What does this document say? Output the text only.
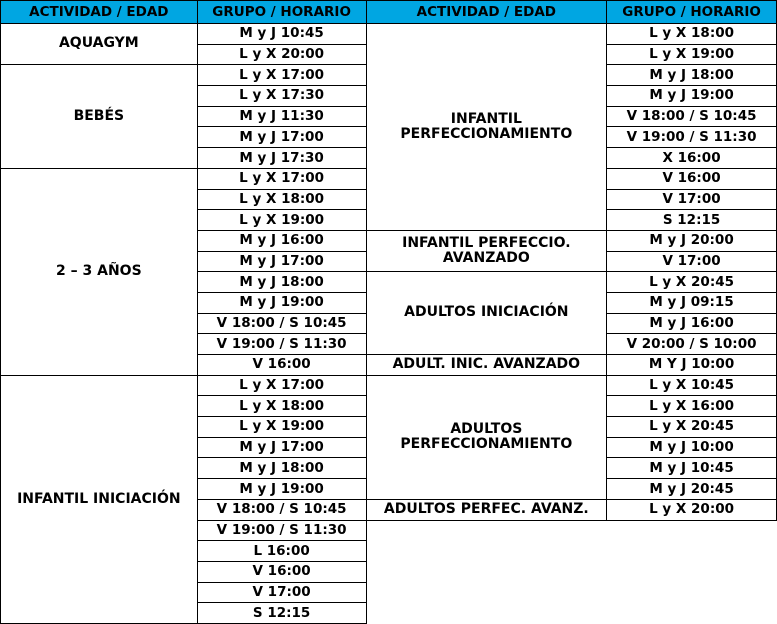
ACTIVIDAD / EDAD	GRUPO / HORARIO	ACTIVIDAD / EDAD	GRUPO / HORARIO
AQUAGYM	M y J 10:45	INFANTIL PERFECCIONAMIENTO	L y X 18:00
	L y X 20:00		L y X 19:00
BEBÉS	L y X 17:00		M y J 18:00
	L y X 17:30		M y J 19:00
	M y J 11:30		V 18:00 / S 10:45
	M y J 17:00		V 19:00 / S 11:30
	M y J 17:30		X 16:00
2 – 3 AÑOS	L y X 17:00		V 16:00
	L y X 18:00		V 17:00
	L y X 19:00		S 12:15
	M y J 16:00	INFANTIL PERFECCIO. AVANZADO	M y J 20:00
	M y J 17:00		V 17:00
	M y J 18:00	ADULTOS INICIACIÓN	L y X 20:45
	M y J 19:00		M y J 09:15
	V 18:00 / S 10:45		M y J 16:00
	V 19:00 / S 11:30		V 20:00 / S 10:00
	V 16:00	ADULT. INIC. AVANZADO	M Y J 10:00
INFANTIL INICIACIÓN	L y X 17:00	ADULTOS PERFECCIONAMIENTO	L y X 10:45
	L y X 18:00		L y X 16:00
	L y X 19:00		L y X 20:45
	M y J 17:00		M y J 10:00
	M y J 18:00		M y J 10:45
	M y J 19:00		M y J 20:45
	V 18:00 / S 10:45	ADULTOS PERFEC. AVANZ.	L y X 20:00
	V 19:00 / S 11:30		
	L 16:00		
	V 16:00		
	V 17:00		
	S 12:15		
